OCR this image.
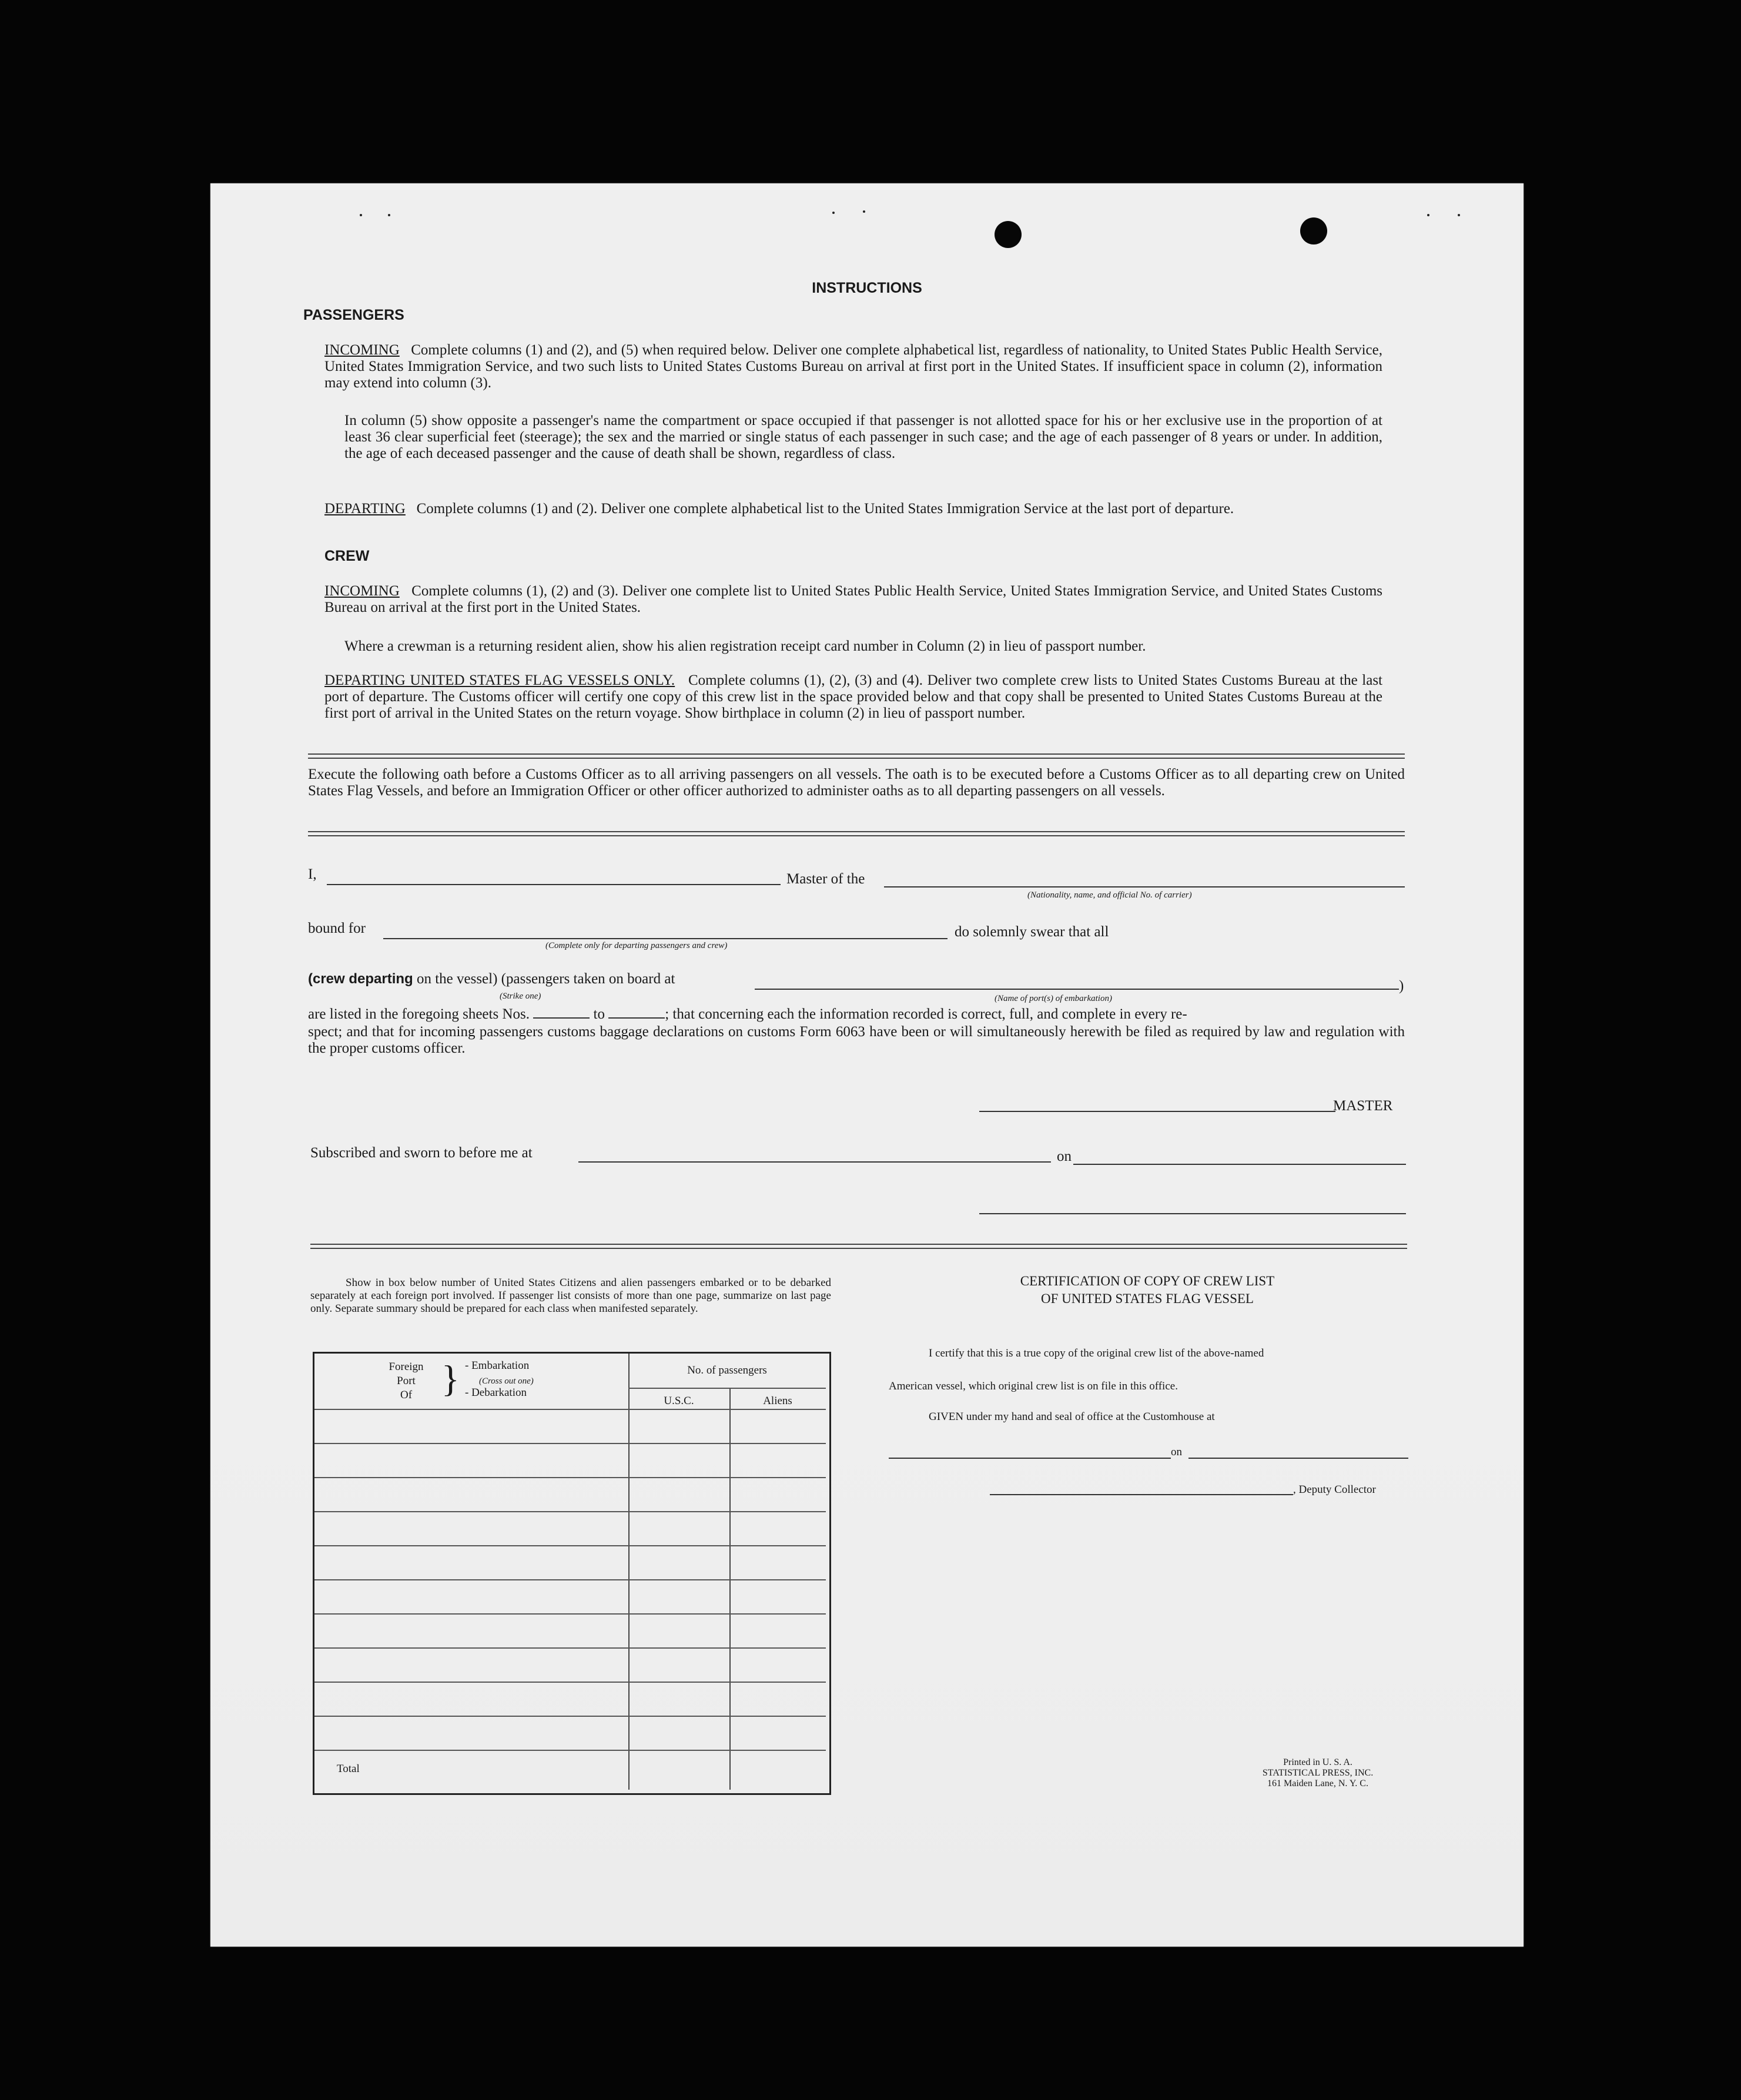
INSTRUCTIONS
PASSENGERS
INCOMING Complete columns (1) and (2), and (5) when required below. Deliver one complete alphabetical list, regardless of nationality, to United States Public Health Service, United States Immigration Service, and two such lists to United States Customs Bureau on arrival at first port in the United States. If insufficient space in column (2), information may extend into column (3).
In column (5) show opposite a passenger's name the compartment or space occupied if that passenger is not allotted space for his or her exclusive use in the proportion of at least 36 clear superficial feet (steerage); the sex and the married or single status of each passenger in such case; and the age of each passenger of 8 years or under. In addition, the age of each deceased passenger and the cause of death shall be shown, regardless of class.
DEPARTING Complete columns (1) and (2). Deliver one complete alphabetical list to the United States Immigration Service at the last port of departure.
CREW
INCOMING Complete columns (1), (2) and (3). Deliver one complete list to United States Public Health Service, United States Immigration Service, and United States Customs Bureau on arrival at the first port in the United States.
Where a crewman is a returning resident alien, show his alien registration receipt card number in Column (2) in lieu of passport number.
DEPARTING UNITED STATES FLAG VESSELS ONLY. Complete columns (1), (2), (3) and (4). Deliver two complete crew lists to United States Customs Bureau at the last port of departure. The Customs officer will certify one copy of this crew list in the space provided below and that copy shall be presented to United States Customs Bureau at the first port of arrival in the United States on the return voyage. Show birthplace in column (2) in lieu of passport number.
Execute the following oath before a Customs Officer as to all arriving passengers on all vessels. The oath is to be executed before a Customs Officer as to all departing crew on United States Flag Vessels, and before an Immigration Officer or other officer authorized to administer oaths as to all departing passengers on all vessels.
I,	Master of the
(Nationality, name, and official No. of carrier)
bound for
(Complete only for departing passengers and crew)
do solemnly swear that all
(crew departing on the vessel) (passengers taken on board at	)
(Strike one)	(Name of port(s) of embarkation)
are listed in the foregoing sheets Nos.	to	; that concerning each the information recorded is correct, full, and complete in every re-
spect; and that for incoming passengers customs baggage declarations on customs Form 6063 have been or will simultaneously herewith be filed as required by law and regulation with the proper customs officer.
MASTER
Subscribed and sworn to before me at	on
Show in box below number of United States Citizens and alien passengers embarked or to be debarked separately at each foreign port involved. If passenger list consists of more than one page, summarize on last page only. Separate summary should be prepared for each class when manifested separately.
Foreign
Port
Of } - Embarkation
(Cross out one)
- Debarkation
No. of passengers
U.S.C.	Aliens
Total
CERTIFICATION OF COPY OF CREW LIST
OF UNITED STATES FLAG VESSEL
I certify that this is a true copy of the original crew list of the above-named
American vessel, which original crew list is on file in this office.
GIVEN under my hand and seal of office at the Customhouse at
on
, Deputy Collector
Printed in U. S. A.
STATISTICAL PRESS, INC.
161 Maiden Lane, N. Y. C.
